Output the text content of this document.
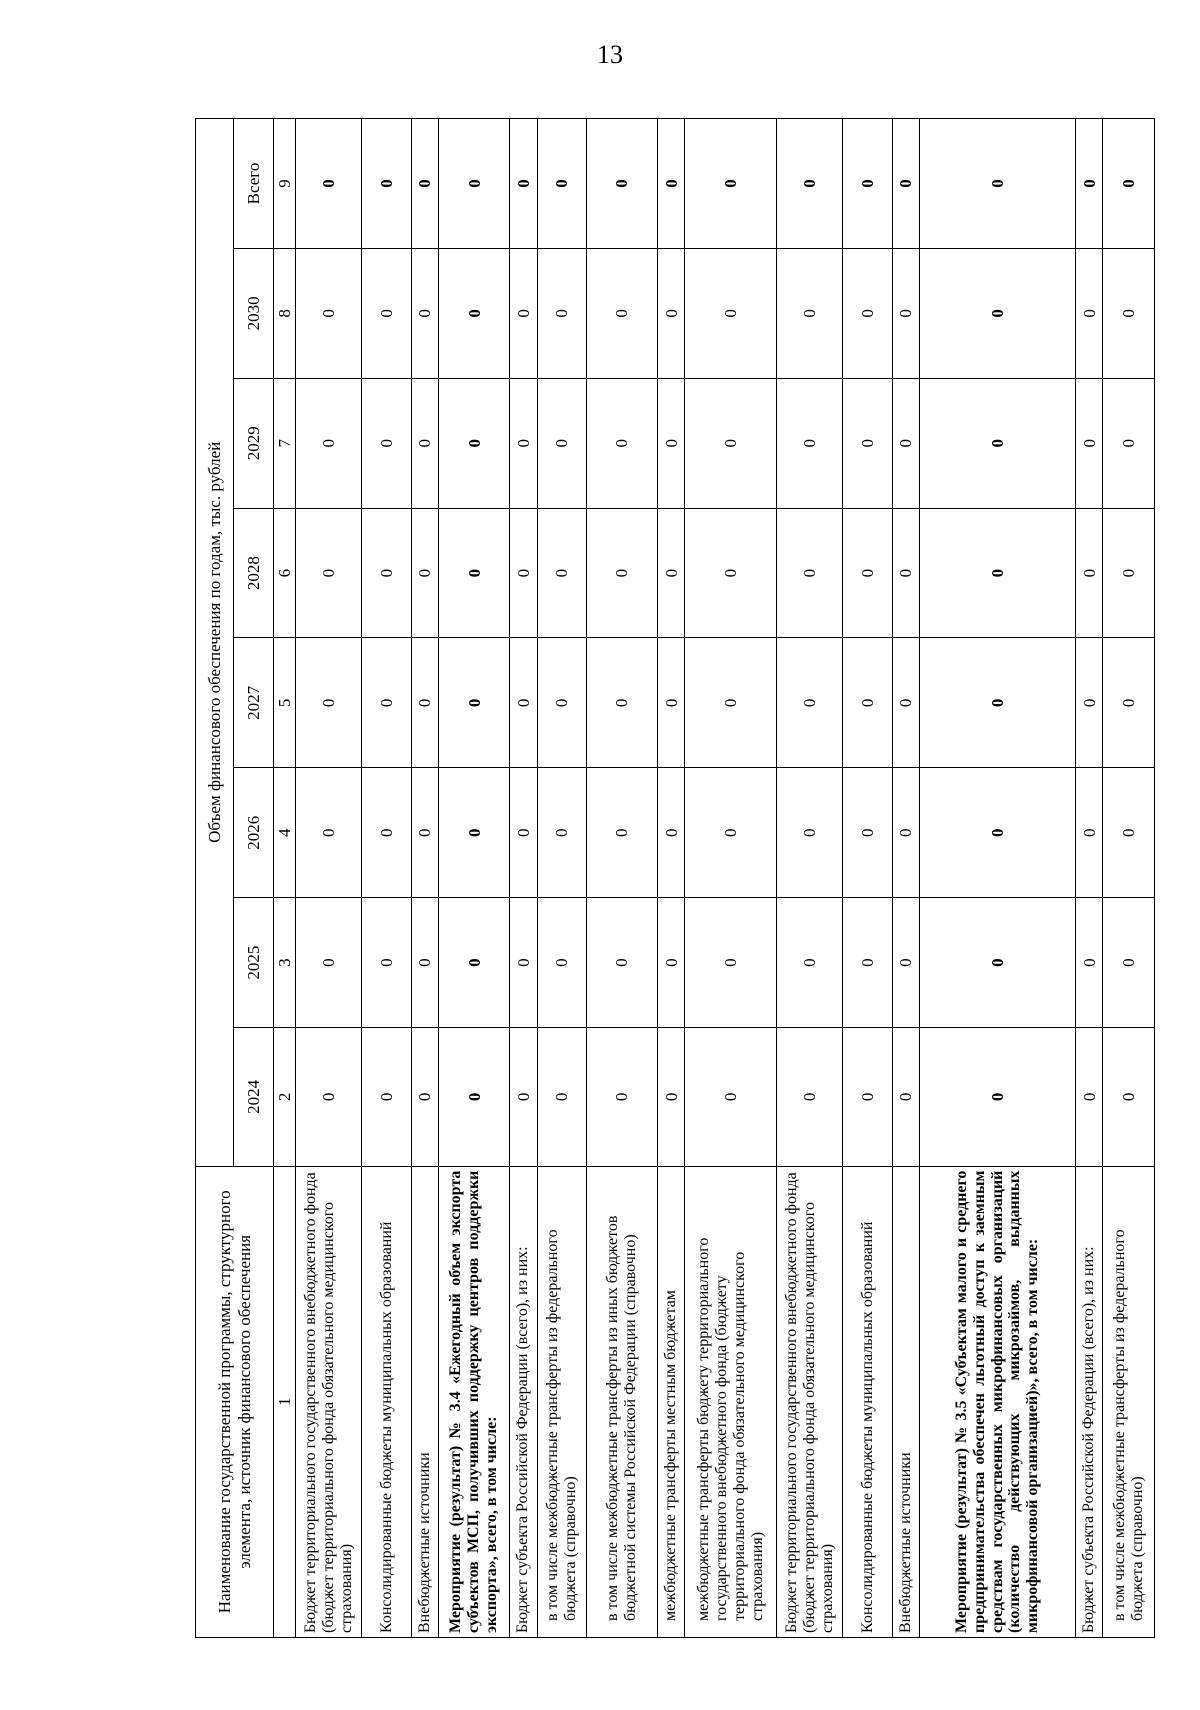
13
Наименование государственной программы, структурного элемента, источник финансового обеспечения	Объем финансового обеспечения по годам, тыс. рублей							
	2024	2025	2026	2027	2028	2029	2030	Всего
1	2	3	4	5	6	7	8	9
Бюджет территориального государственного внебюджетного фонда (бюджет территориального фонда обязательного медицинского страхования)	0	0	0	0	0	0	0	0
Консолидированные бюджеты муниципальных образований	0	0	0	0	0	0	0	0
Внебюджетные источники	0	0	0	0	0	0	0	0
Мероприятие (результат) № 3.4 «Ежегодный объем экспорта субъектов МСП, получивших поддержку центров поддержки экспорта», всего, в том числе:	0	0	0	0	0	0	0	0
Бюджет субъекта Российской Федерации (всего), из них:	0	0	0	0	0	0	0	0
в том числе межбюджетные трансферты из федерального бюджета (справочно)	0	0	0	0	0	0	0	0
в том числе межбюджетные трансферты из иных бюджетов бюджетной системы Российской Федерации (справочно)	0	0	0	0	0	0	0	0
межбюджетные трансферты местным бюджетам	0	0	0	0	0	0	0	0
межбюджетные трансферты бюджету территориального государственного внебюджетного фонда (бюджету территориального фонда обязательного медицинского страхования)	0	0	0	0	0	0	0	0
Бюджет территориального государственного внебюджетного фонда (бюджет территориального фонда обязательного медицинского страхования)	0	0	0	0	0	0	0	0
Консолидированные бюджеты муниципальных образований	0	0	0	0	0	0	0	0
Внебюджетные источники	0	0	0	0	0	0	0	0
Мероприятие (результат) № 3.5 «Субъектам малого и среднего предпринимательства обеспечен льготный доступ к заемным средствам государственных микрофинансовых организаций (количество действующих микрозаймов, выданных микрофинансовой организацией)», всего, в том числе:	0	0	0	0	0	0	0	0
Бюджет субъекта Российской Федерации (всего), из них:	0	0	0	0	0	0	0	0
в том числе межбюджетные трансферты из федерального бюджета (справочно)	0	0	0	0	0	0	0	0
